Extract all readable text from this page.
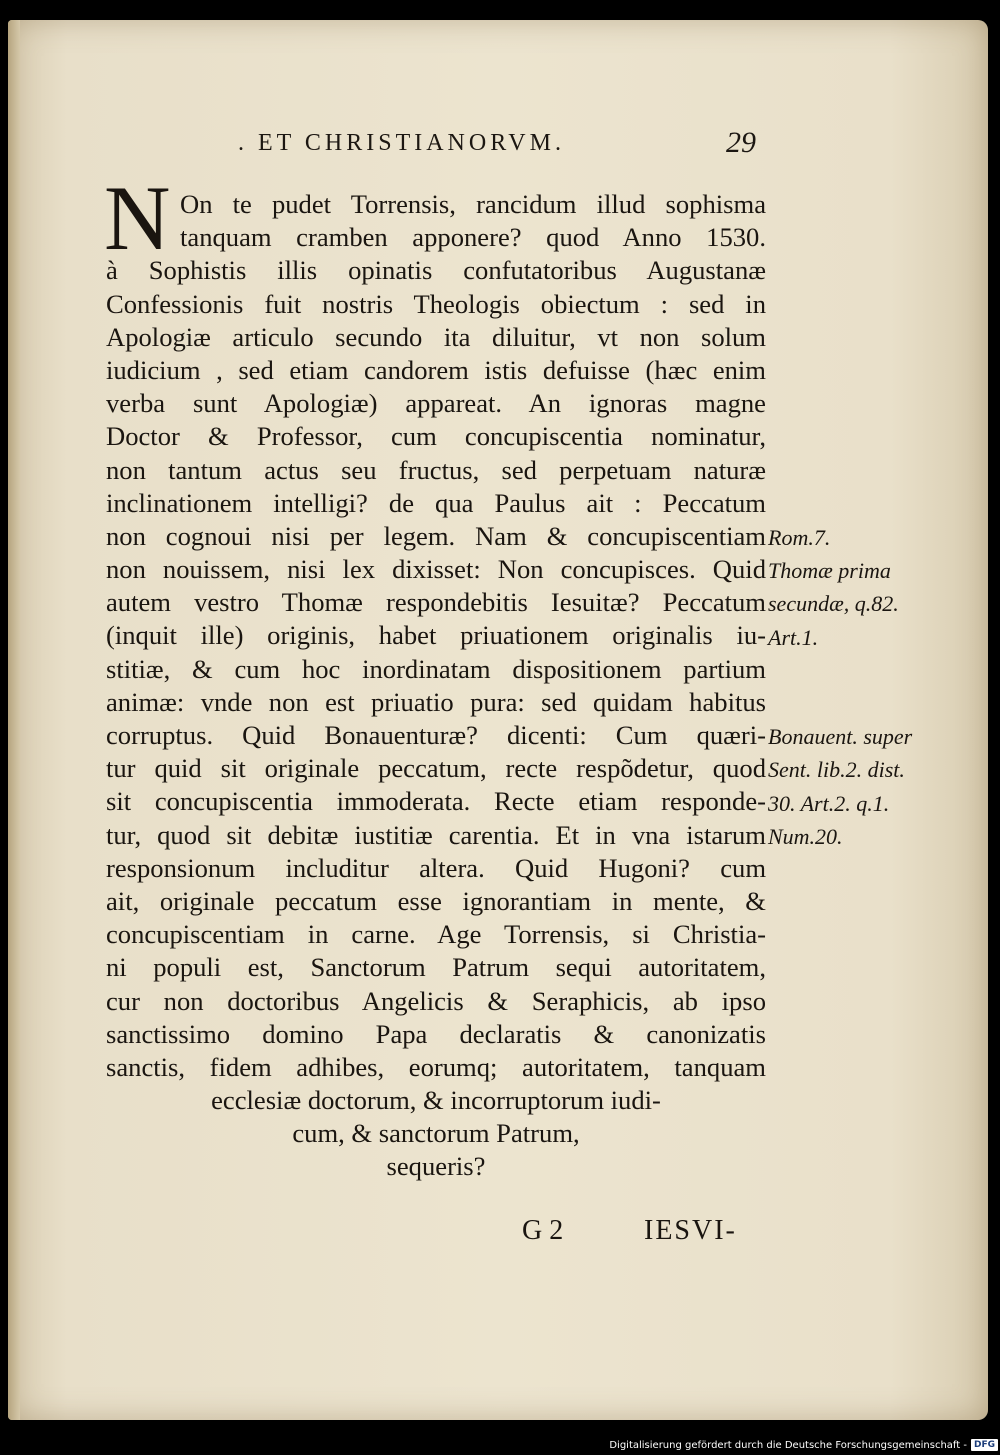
. ET CHRISTIANORVM.	29
N On te pudet Torrensis, rancidum illud sophisma
tanquam cramben apponere? quod Anno 1530.
à Sophistis illis opinatis confutatoribus Augustanæ
Confessionis fuit nostris Theologis obiectum : sed in
Apologiæ articulo secundo ita diluitur, vt non solum
iudicium , sed etiam candorem istis defuisse (hæc enim
verba sunt Apologiæ) appareat. An ignoras magne
Doctor & Professor, cum concupiscentia nominatur,
non tantum actus seu fructus, sed perpetuam naturæ
inclinationem intelligi? de qua Paulus ait : Peccatum
non cognoui nisi per legem. Nam & concupiscentiam
non nouissem, nisi lex dixisset: Non concupisces. Quid
autem vestro Thomæ respondebitis Iesuitæ? Peccatum
(inquit ille) originis, habet priuationem originalis iu-
stitiæ, & cum hoc inordinatam dispositionem partium
animæ: vnde non est priuatio pura: sed quidam habitus
corruptus. Quid Bonauenturæ? dicenti: Cum quæri-
tur quid sit originale peccatum, recte respõdetur, quod
sit concupiscentia immoderata. Recte etiam responde-
tur, quod sit debitæ iustitiæ carentia. Et in vna istarum
responsionum includitur altera. Quid Hugoni? cum
ait, originale peccatum esse ignorantiam in mente, &
concupiscentiam in carne. Age Torrensis, si Christia-
ni populi est, Sanctorum Patrum sequi autoritatem,
cur non doctoribus Angelicis & Seraphicis, ab ipso
sanctissimo domino Papa declaratis & canonizatis
sanctis, fidem adhibes, eorumq; autoritatem, tanquam
ecclesiæ doctorum, & incorruptorum iudi-
cum, & sanctorum Patrum,
sequeris?
Rom.7.
Thomæ prima
secundæ, q.82.
Art.1.
Bonauent. super
Sent. lib.2. dist.
30. Art.2. q.1.
Num.20.
G 2	IESVI-
Digitalisierung gefördert durch die Deutsche Forschungsgemeinschaft - DFG
